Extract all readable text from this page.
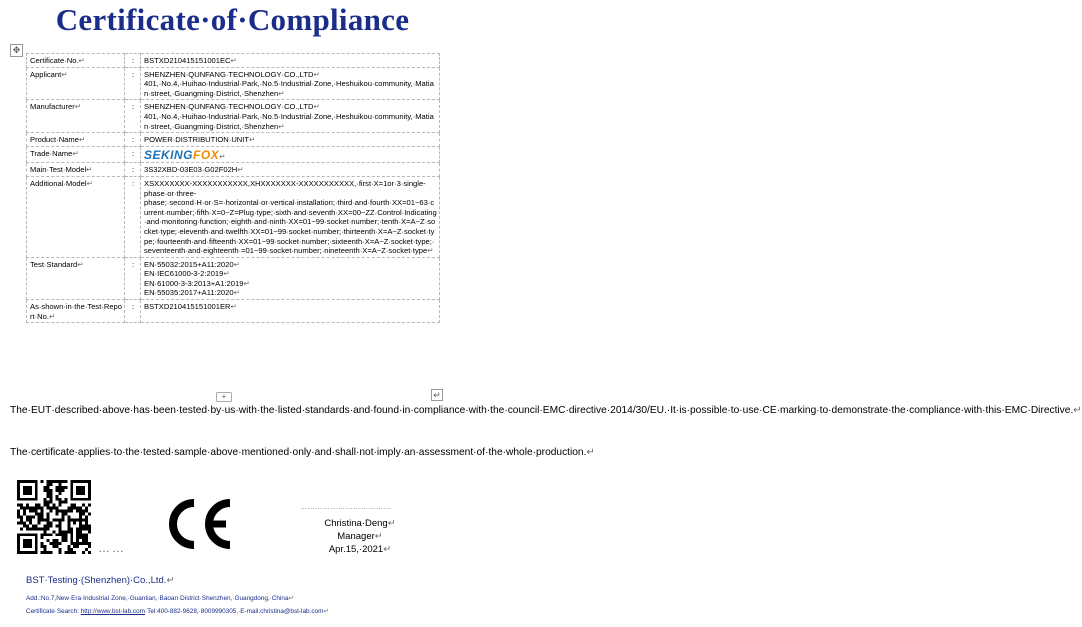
Certificate·of·Compliance
✥
Certificate·No.↵	:	BSTXD210415151001EC↵

Applicant↵	:	SHENZHEN·QUNFANG·TECHNOLOGY·CO.,LTD↵
401,·No.4,·Huihao·Industrial·Park,·No.5·Industrial·Zone,·Heshuikou·community,·Matian·street,·Guangming·District,·Shenzhen↵

Manufacturer↵	:	SHENZHEN·QUNFANG·TECHNOLOGY·CO.,LTD↵
401,·No.4,·Huihao·Industrial·Park,·No.5·Industrial·Zone,·Heshuikou·community,·Matian·street,·Guangming·District,·Shenzhen↵

Product·Name↵	:	POWER·DISTRIBUTION·UNIT↵

Trade·Name↵	:	SEKINGFOX↵
Main·Test·Model↵	:	3S32XBD-03E03·G02F02H↵

Additional·Model↵	:	XSXXXXXXX-XXXXXXXXXXX,XHXXXXXXX-XXXXXXXXXXX,·first·X=1or·3·single-phase·or·three-phase;·second·H·or·S=·horizontal·or·vertical·installation;·third·and·fourth·XX=01~63·current·number;·fifth·X=0~Z=Plug·type;·sixth·and·seventh·XX=00~ZZ·Control·Indicating·and·monitoring·function;·eighth·and·ninth·XX=01~99·socket·number;·tenth·X=A~Z·socket·type;·eleventh·and·twelfth·XX=01~99·socket·number;·thirteenth·X=A~Z·socket·type;·fourteenth·and·fifteenth·XX=01~99·socket·number;·sixteenth·X=A~Z·socket·type;·seventeenth·and·eighteenth·=01~99·socket·number;·nineteenth·X=A~Z·socket·type↵

Test·Standard↵	:	EN·55032:2015+A11:2020↵
EN·IEC61000-3-2:2019↵
EN·61000-3-3:2013+A1:2019↵
EN·55035:2017+A11:2020↵

As·shown·in·the·Test·Report·No.↵	:	BSTXD210415151001ER↵
↵
+
The·EUT·described·above·has·been·tested·by·us·with·the·listed·standards·and·found·in·compliance·with·the·council·EMC·directive·2014/30/EU.·It·is·possible·to·use·CE·marking·to·demonstrate·the·compliance·with·this·EMC·Directive.↵
The·certificate·applies·to·the·tested·sample·above·mentioned·only·and·shall·not·imply·an·assessment·of·the·whole·production.↵
……
………………………………
Christina·Deng↵
Manager↵
Apr.15,·2021↵
BST·Testing·(Shenzhen)·Co.,Ltd.↵
Add.:No.7,New·Era·Industrial·Zone,·Guantian,·Baoan·District·Shenzhen,·Guangdong,·China↵
Certificate·Search: http://www.bst-lab.com·Tel:400-882-9628,·8009990305,·E-mail:christina@bst-lab.com↵
